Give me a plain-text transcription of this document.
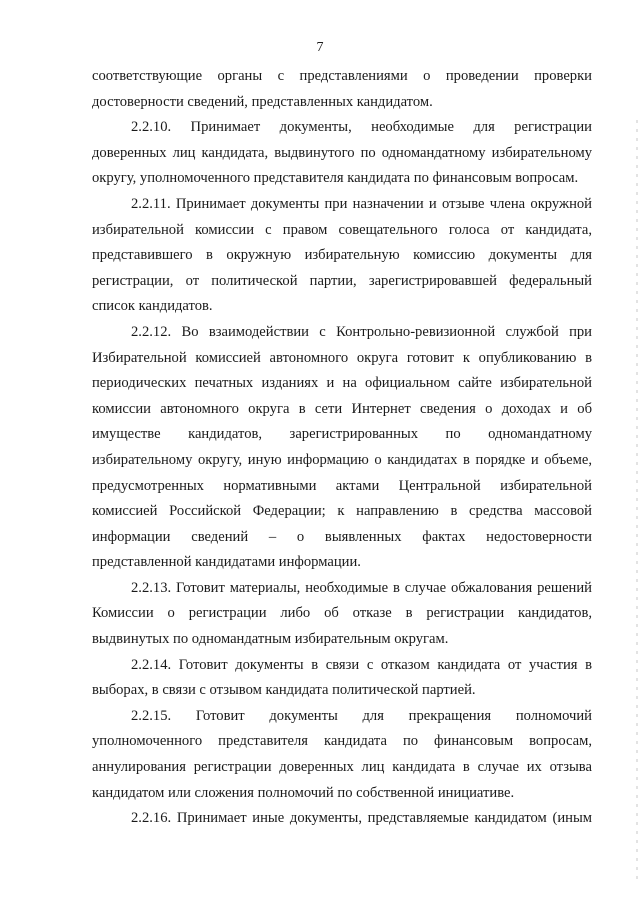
7
соответствующие органы с представлениями о проведении проверки
достоверности сведений, представленных кандидатом.
2.2.10. Принимает документы, необходимые для регистрации
доверенных лиц кандидата, выдвинутого по одномандатному избирательному
округу, уполномоченного представителя кандидата по финансовым вопросам.
2.2.11. Принимает документы при назначении и отзыве члена окружной
избирательной комиссии с правом совещательного голоса от кандидата,
представившего в окружную избирательную комиссию документы для
регистрации, от политической партии, зарегистрировавшей федеральный
список кандидатов.
2.2.12. Во взаимодействии с Контрольно-ревизионной службой при
Избирательной комиссией автономного округа готовит к опубликованию в
периодических печатных изданиях и на официальном сайте избирательной
комиссии автономного округа в сети Интернет сведения о доходах и об
имуществе кандидатов, зарегистрированных по одномандатному
избирательному округу, иную информацию о кандидатах в порядке и объеме,
предусмотренных нормативными актами Центральной избирательной
комиссией Российской Федерации; к направлению в средства массовой
информации сведений – о выявленных фактах недостоверности
представленной кандидатами информации.
2.2.13. Готовит материалы, необходимые в случае обжалования решений
Комиссии о регистрации либо об отказе в регистрации кандидатов,
выдвинутых по одномандатным избирательным округам.
2.2.14. Готовит документы в связи с отказом кандидата от участия в
выборах, в связи с отзывом кандидата политической партией.
2.2.15. Готовит документы для прекращения полномочий
уполномоченного представителя кандидата по финансовым вопросам,
аннулирования регистрации доверенных лиц кандидата в случае их отзыва
кандидатом или сложения полномочий по собственной инициативе.
2.2.16. Принимает иные документы, представляемые кандидатом (иным
